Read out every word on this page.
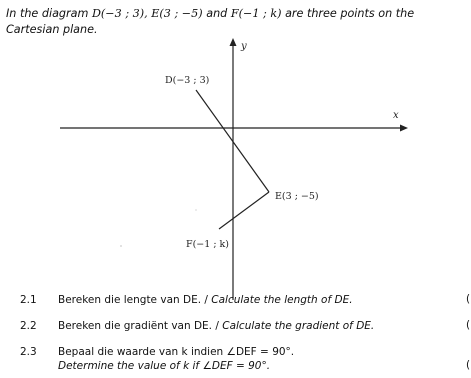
In the diagram D(−3 ; 3), E(3 ; −5) and F(−1 ; k) are three points on the Cartesian plane.
y
x
D(−3 ; 3)
E(3 ; −5)
F(−1 ; k)
2.1	Bereken die lengte van DE. / Calculate the length of DE.	(
2.2	Bereken die gradiënt van DE. / Calculate the gradient of DE.	(
2.3	Bepaal die waarde van k indien ∠DEF = 90°.
Determine the value of k if ∠DEF = 90°.	(
